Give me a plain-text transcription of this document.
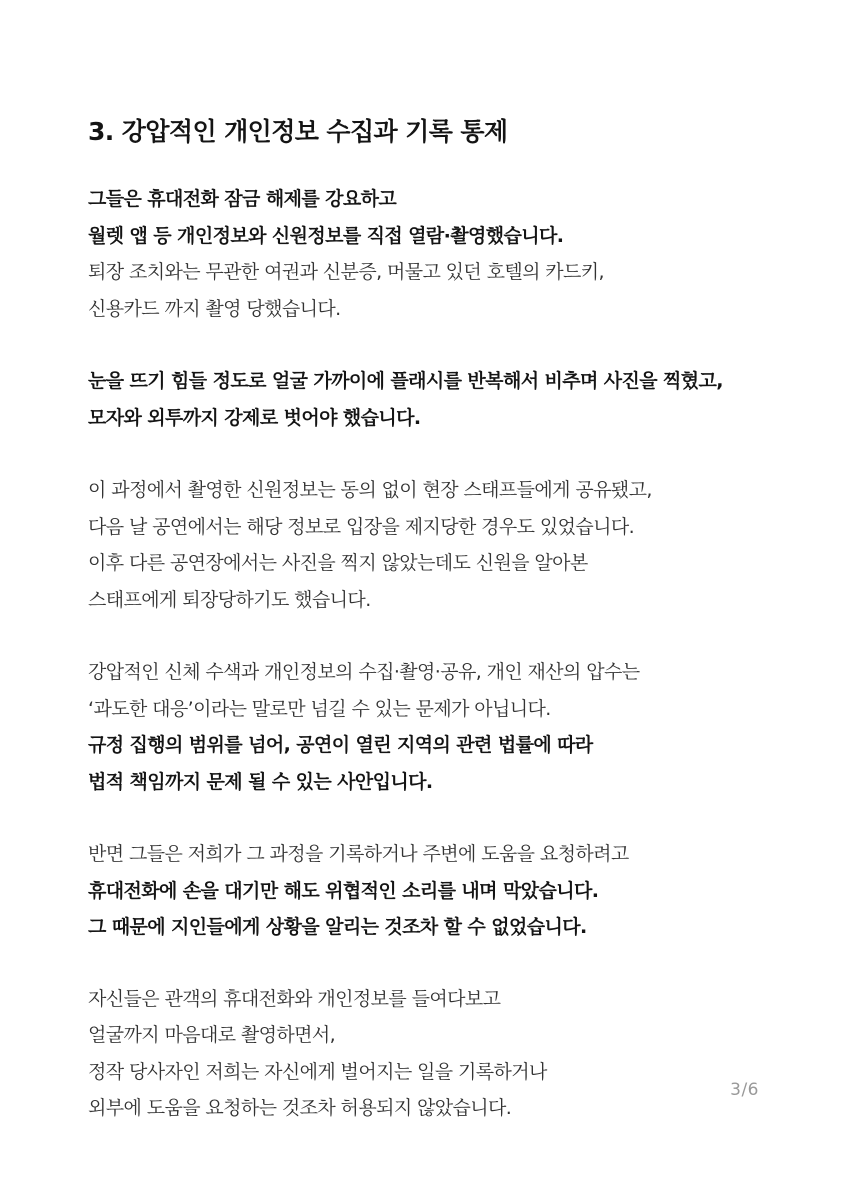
3. 강압적인 개인정보 수집과 기록 통제

그들은 휴대전화 잠금 해제를 강요하고
월렛 앱 등 개인정보와 신원정보를 직접 열람·촬영했습니다.
퇴장 조치와는 무관한 여권과 신분증, 머물고 있던 호텔의 카드키,
신용카드 까지 촬영 당했습니다.

눈을 뜨기 힘들 정도로 얼굴 가까이에 플래시를 반복해서 비추며 사진을 찍혔고,
모자와 외투까지 강제로 벗어야 했습니다.

이 과정에서 촬영한 신원정보는 동의 없이 현장 스태프들에게 공유됐고,
다음 날 공연에서는 해당 정보로 입장을 제지당한 경우도 있었습니다.
이후 다른 공연장에서는 사진을 찍지 않았는데도 신원을 알아본
스태프에게 퇴장당하기도 했습니다.

강압적인 신체 수색과 개인정보의 수집·촬영·공유, 개인 재산의 압수는
‘과도한 대응’이라는 말로만 넘길 수 있는 문제가 아닙니다.
규정 집행의 범위를 넘어, 공연이 열린 지역의 관련 법률에 따라
법적 책임까지 문제 될 수 있는 사안입니다.

반면 그들은 저희가 그 과정을 기록하거나 주변에 도움을 요청하려고
휴대전화에 손을 대기만 해도 위협적인 소리를 내며 막았습니다.
그 때문에 지인들에게 상황을 알리는 것조차 할 수 없었습니다.

자신들은 관객의 휴대전화와 개인정보를 들여다보고
얼굴까지 마음대로 촬영하면서,
정작 당사자인 저희는 자신에게 벌어지는 일을 기록하거나
외부에 도움을 요청하는 것조차 허용되지 않았습니다.

3/6
